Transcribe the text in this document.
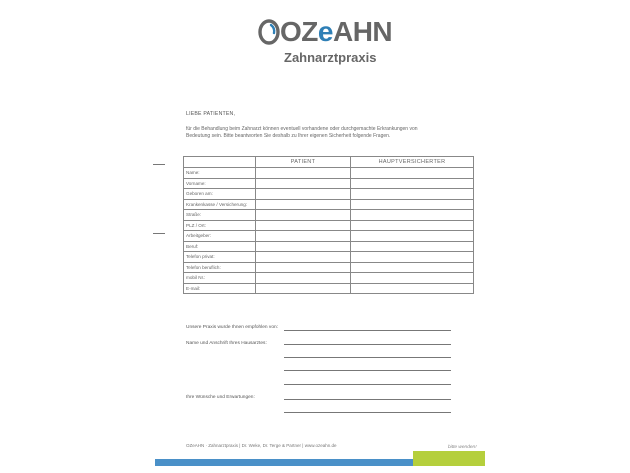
OZeAHN
Zahnarztpraxis
LIEBE PATIENTEN,
für die Behandlung beim Zahnarzt können eventuell vorhandene oder durchgemachte Erkrankungen von Bedeutung sein. Bitte beantworten Sie deshalb zu Ihrer eigenen Sicherheit folgende Fragen.
	PATIENT	HAUPTVERSICHERTER
Name:		
Vorname:		
Geboren am:		
Krankenkasse / Versicherung:		
Straße:		
PLZ / Ort:		
Arbeitgeber:		
Beruf:		
Telefon privat:		
Telefon beruflich:		
mobil Nr.:		
E-mail:		
Unsere Praxis wurde Ihnen empfohlen von:
Name und Anschrift Ihres Hausarztes:
Ihre Wünsche und Erwartungen:
OZeAHN · Zahnarztpraxis | Dr. Weke, Dr. Terge & Partner | www.ozeahn.de	bitte wenden!
